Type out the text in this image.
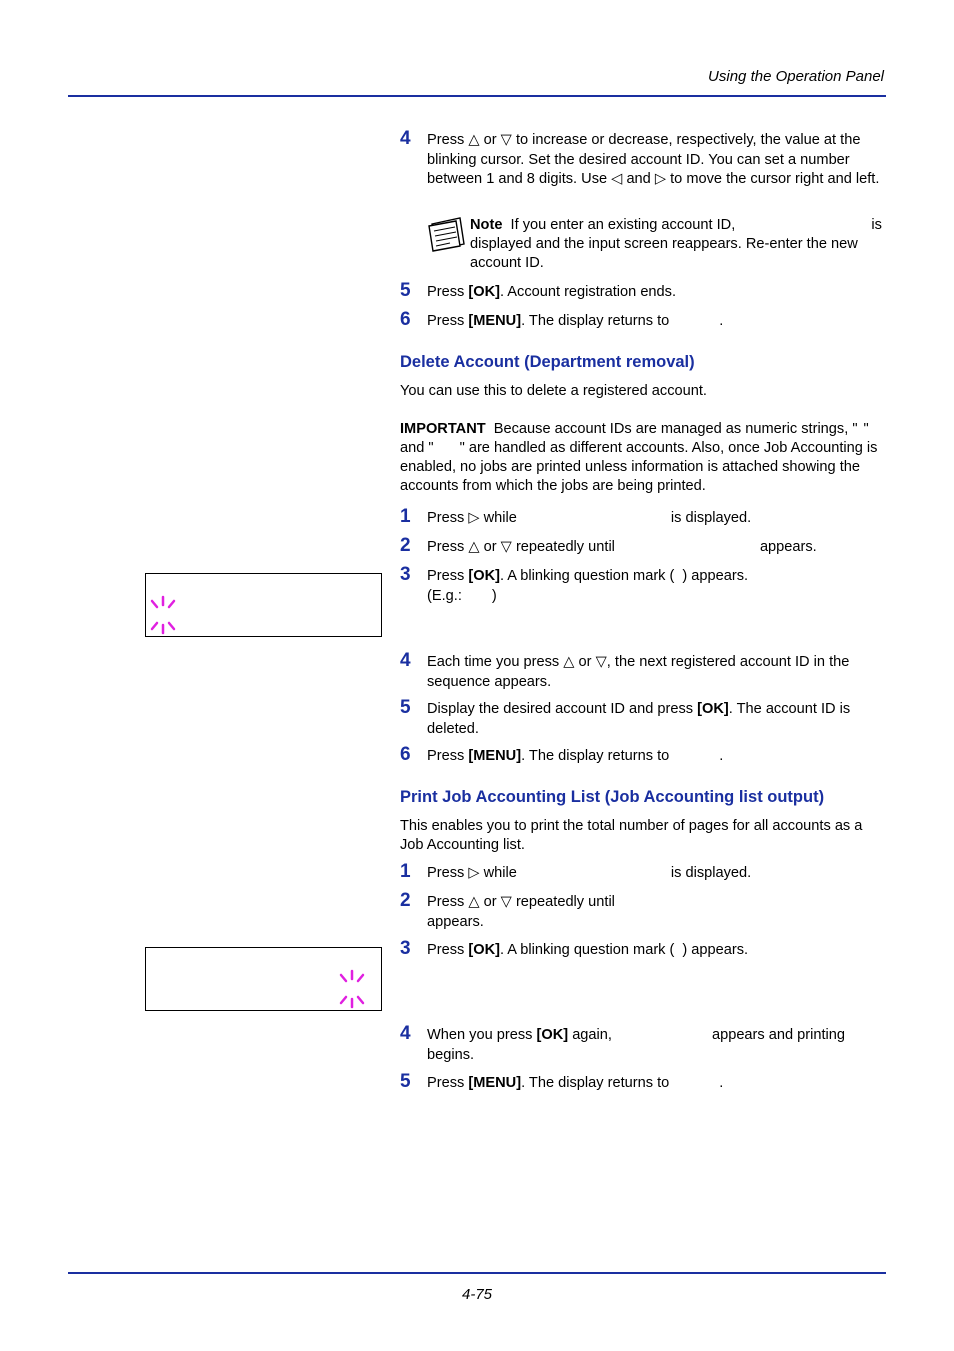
Using the Operation Panel
4 Press △ or ▽ to increase or decrease, respectively, the value at the blinking cursor. Set the desired account ID. You can set a number between 1 and 8 digits. Use ◁ and ▷ to move the cursor right and left.
Note If you enter an existing account ID,	is displayed and the input screen reappears. Re-enter the new account ID.
5 Press [OK]. Account registration ends.
6 Press [MENU]. The display returns to	.
Delete Account (Department removal)
You can use this to delete a registered account.
IMPORTANT Because account IDs are managed as numeric strings, " " and " " are handled as different accounts. Also, once Job Accounting is enabled, no jobs are printed unless information is attached showing the accounts from which the jobs are being printed.
1 Press ▷ while	is displayed.
2 Press △ or ▽ repeatedly until	appears.
3 Press [OK]. A blinking question mark ( ) appears.
(E.g.: )
4 Each time you press △ or ▽, the next registered account ID in the sequence appears.
5 Display the desired account ID and press [OK]. The account ID is deleted.
6 Press [MENU]. The display returns to	.
Print Job Accounting List (Job Accounting list output)
This enables you to print the total number of pages for all accounts as a Job Accounting list.
1 Press ▷ while	is displayed.
2 Press △ or ▽ repeatedly until
appears.
3 Press [OK]. A blinking question mark ( ) appears.
4 When you press [OK] again,	appears and printing begins.
5 Press [MENU]. The display returns to	.
4-75
